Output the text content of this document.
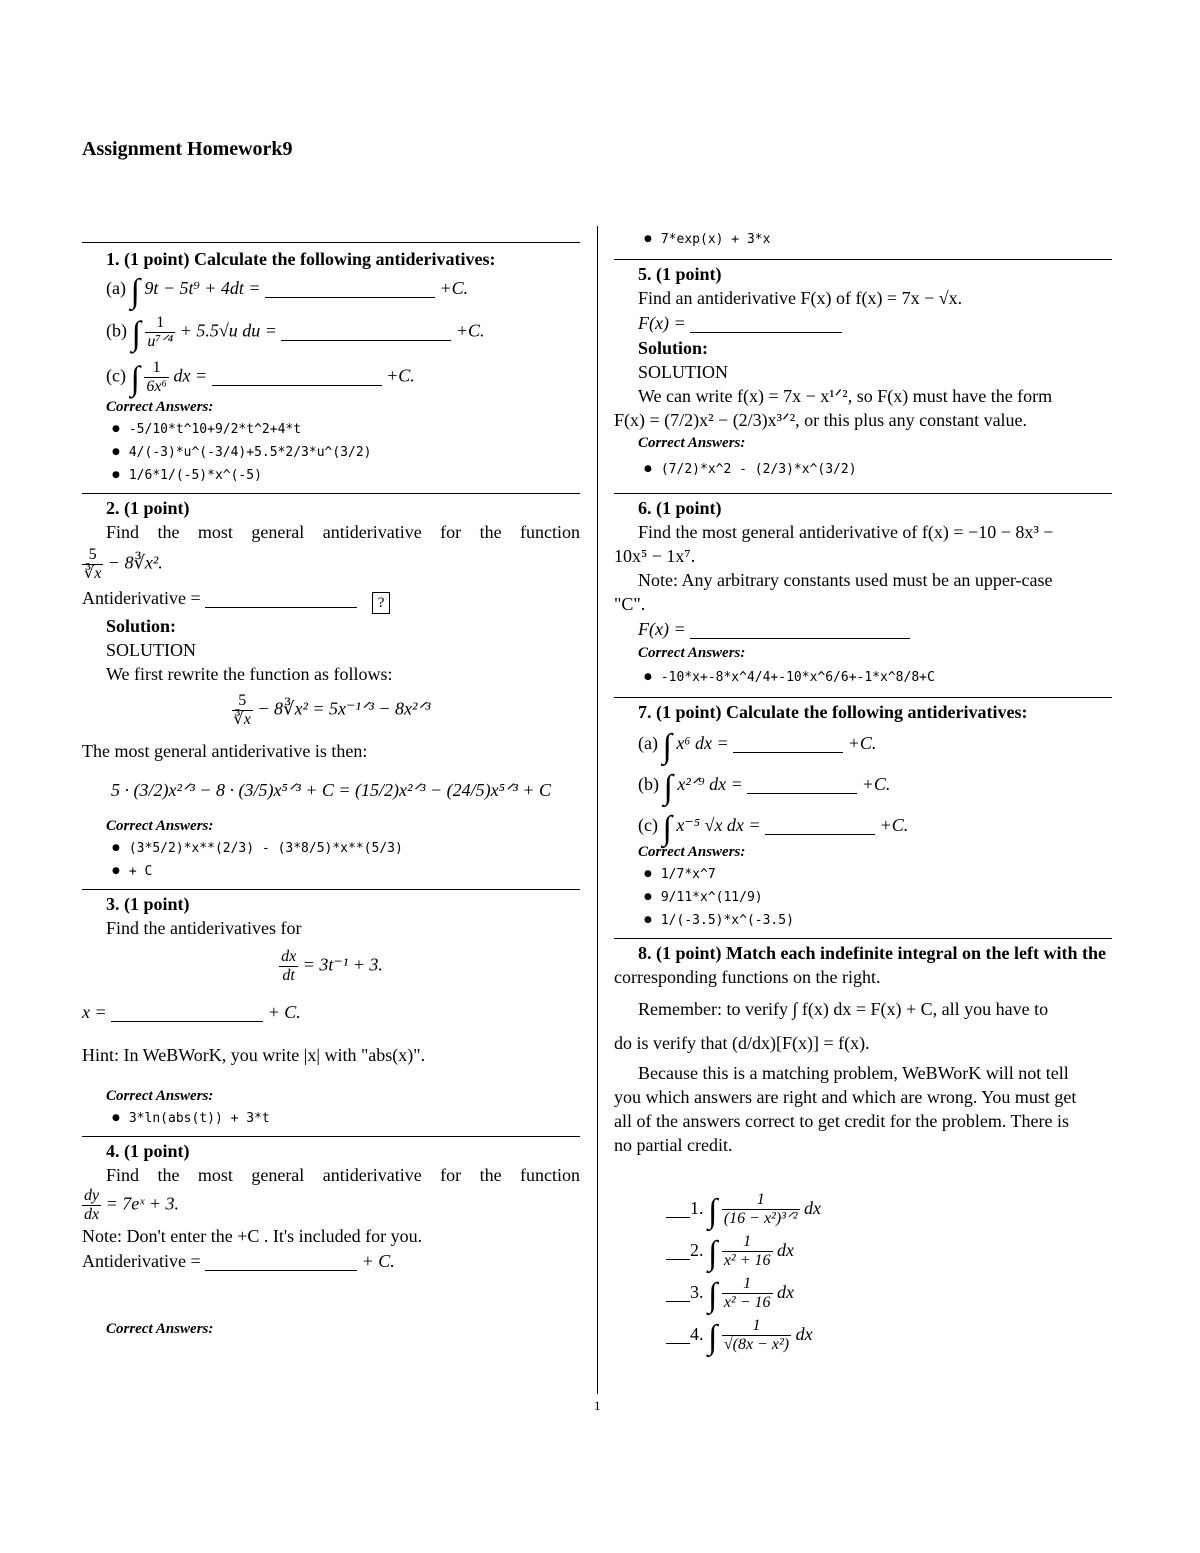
Assignment Homework9
1
1. (1 point) Calculate the following antiderivatives:
(a) ∫ 9t − 5t⁹ + 4dt =	+C.
(b) ∫ $\frac{1}{\text{u⁷ᐟ⁴}} + 5.5√u$ du =	+C.
(c) ∫ $\frac{1}{\text{6x⁶}}$ dx =	+C.
Correct Answers:
● -5/10*t^10+9/2*t^2+4*t
● 4/(-3)*u^(-3/4)+5.5*2/3*u^(3/2)
● 1/6*1/(-5)*x^(-5)
2. (1 point)
Find the most general antiderivative for the function
$\frac{5}{∛x}$ − 8∛x².
Antiderivative =	?
Solution:
SOLUTION
We first rewrite the function as follows:
$\frac{5}{∛x}$ − 8∛x² = 5x⁻¹ᐟ³ − 8x²ᐟ³
The most general antiderivative is then:
5 · (3/2)x²ᐟ³ − 8 · (3/5)x⁵ᐟ³ + C = (15/2)x²ᐟ³ − (24/5)x⁵ᐟ³ + C
Correct Answers:
● (3*5/2)*x**(2/3) - (3*8/5)*x**(5/3)
● + C
3. (1 point)
Find the antiderivatives for
$\frac{dx}{dt} = 3t^{-1} + 3$.
x =	+ C.
Hint: In WeBWorK, you write |x| with "abs(x)".
Correct Answers:
● 3*ln(abs(t)) + 3*t
4. (1 point)
Find the most general antiderivative for the function
$\frac{dy}{dx}$ = 7eˣ + 3.
Note: Don't enter the +C . It's included for you.
Antiderivative =	+ C.
Correct Answers:
● 7*exp(x) + 3*x
5. (1 point)
Find an antiderivative F(x) of f(x) = 7x − √x.
F(x) =
Solution:
SOLUTION
We can write f(x) = 7x − x¹ᐟ², so F(x) must have the form
F(x) = (7/2)x² − (2/3)x³ᐟ², or this plus any constant value.
Correct Answers:
● (7/2)*x^2 - (2/3)*x^(3/2)
6. (1 point)
Find the most general antiderivative of f(x) = −10 − 8x³ −
10x⁵ − 1x⁷.
Note: Any arbitrary constants used must be an upper-case
"C".
F(x) =
Correct Answers:
● -10*x+-8*x^4/4+-10*x^6/6+-1*x^8/8+C
7. (1 point) Calculate the following antiderivatives:
(a) ∫ x⁶ dx =	+C.
(b) ∫ x²ᐟ⁹ dx =	+C.
(c) ∫ x⁻⁵ √x dx =	+C.
Correct Answers:
● 1/7*x^7
● 9/11*x^(11/9)
● 1/(-3.5)*x^(-3.5)
8. (1 point) Match each indefinite integral on the left with the
corresponding functions on the right.
Remember: to verify ∫ f(x) dx = F(x) + C, all you have to
do is verify that (d/dx)[F(x)] = f(x).
Because this is a matching problem, WeBWorK will not tell
you which answers are right and which are wrong. You must get
all of the answers correct to get credit for the problem. There is
no partial credit.
1. ∫ $\frac{1}{\text{(16 − x²)³ᐟ²}}$ dx
2. ∫ $\frac{1}{\text{x² + 16}}$ dx
3. ∫ $\frac{1}{\text{x² − 16}}$ dx
4. ∫ $\frac{1}{\text{√(8x − x²)}}$ dx
